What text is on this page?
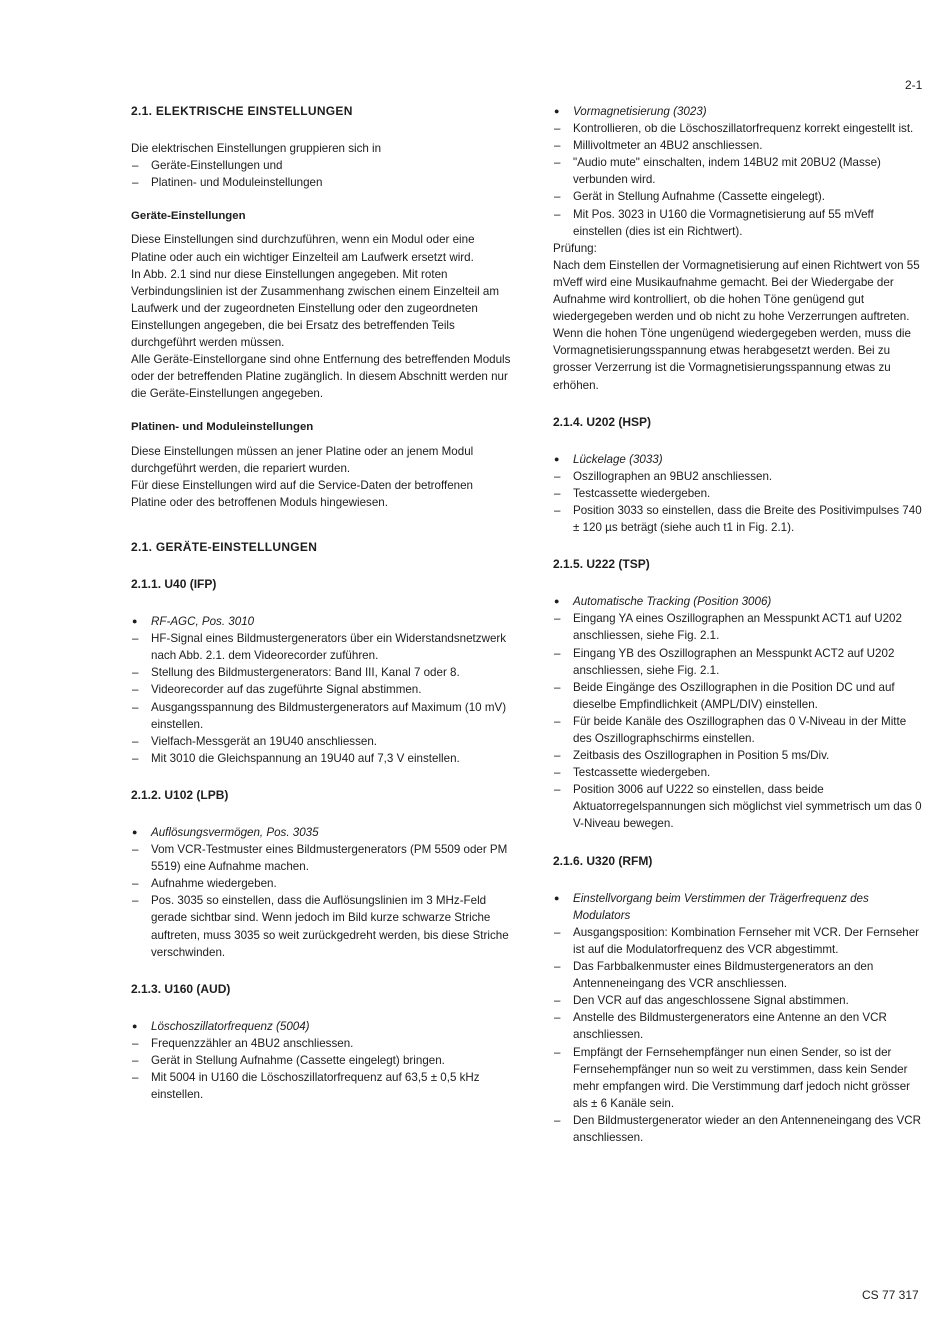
2-1

2.1. ELEKTRISCHE EINSTELLUNGEN

Die elektrischen Einstellungen gruppieren sich in

– Geräte-Einstellungen und

– Platinen- und Moduleinstellungen

Geräte-Einstellungen

Diese Einstellungen sind durchzuführen, wenn ein Modul oder eine Platine oder auch ein wichtiger Einzelteil am Laufwerk ersetzt wird.

In Abb. 2.1 sind nur diese Einstellungen angegeben. Mit roten Verbindungslinien ist der Zusammenhang zwischen einem Einzelteil am Laufwerk und der zugeordneten Einstellung oder den zugeordneten Einstellungen angegeben, die bei Ersatz des betreffenden Teils durchgeführt werden müssen.

Alle Geräte-Einstellorgane sind ohne Entfernung des betreffenden Moduls oder der betreffenden Platine zugänglich. In diesem Abschnitt werden nur die Geräte-Einstellungen angegeben.

Platinen- und Moduleinstellungen

Diese Einstellungen müssen an jener Platine oder an jenem Modul durchgeführt werden, die repariert wurden.

Für diese Einstellungen wird auf die Service-Daten der betroffenen Platine oder des betroffenen Moduls hingewiesen.

2.1. GERÄTE-EINSTELLUNGEN

2.1.1. U40 (IFP)

● RF-AGC, Pos. 3010

– HF-Signal eines Bildmustergenerators über ein Widerstandsnetzwerk nach Abb. 2.1. dem Videorecorder zuführen.

– Stellung des Bildmustergenerators: Band III, Kanal 7 oder 8.

– Videorecorder auf das zugeführte Signal abstimmen.

– Ausgangsspannung des Bildmustergenerators auf Maximum (10 mV) einstellen.

– Vielfach-Messgerät an 19U40 anschliessen.

– Mit 3010 die Gleichspannung an 19U40 auf 7,3 V einstellen.

2.1.2. U102 (LPB)

● Auflösungsvermögen, Pos. 3035

– Vom VCR-Testmuster eines Bildmustergenerators (PM 5509 oder PM 5519) eine Aufnahme machen.

– Aufnahme wiedergeben.

– Pos. 3035 so einstellen, dass die Auflösungslinien im 3 MHz-Feld gerade sichtbar sind. Wenn jedoch im Bild kurze schwarze Striche auftreten, muss 3035 so weit zurückgedreht werden, bis diese Striche verschwinden.

2.1.3. U160 (AUD)

● Löschoszillatorfrequenz (5004)

– Frequenzzähler an 4BU2 anschliessen.

– Gerät in Stellung Aufnahme (Cassette eingelegt) bringen.

– Mit 5004 in U160 die Löschoszillatorfrequenz auf 63,5 ± 0,5 kHz einstellen.

● Vormagnetisierung (3023)

– Kontrollieren, ob die Löschoszillatorfrequenz korrekt eingestellt ist.

– Millivoltmeter an 4BU2 anschliessen.

– "Audio mute" einschalten, indem 14BU2 mit 20BU2 (Masse) verbunden wird.

– Gerät in Stellung Aufnahme (Cassette eingelegt).

– Mit Pos. 3023 in U160 die Vormagnetisierung auf 55 mVeff einstellen (dies ist ein Richtwert).

Prüfung:

Nach dem Einstellen der Vormagnetisierung auf einen Richtwert von 55 mVeff wird eine Musikaufnahme gemacht. Bei der Wiedergabe der Aufnahme wird kontrolliert, ob die hohen Töne genügend gut wiedergegeben werden und ob nicht zu hohe Verzerrungen auftreten. Wenn die hohen Töne ungenügend wiedergegeben werden, muss die Vormagnetisierungsspannung etwas herabgesetzt werden. Bei zu grosser Verzerrung ist die Vormagnetisierungsspannung etwas zu erhöhen.

2.1.4. U202 (HSP)

● Lückelage (3033)

– Oszillographen an 9BU2 anschliessen.

– Testcassette wiedergeben.

– Position 3033 so einstellen, dass die Breite des Positivimpulses 740 ± 120 µs beträgt (siehe auch t1 in Fig. 2.1).

2.1.5. U222 (TSP)

● Automatische Tracking (Position 3006)

– Eingang YA eines Oszillographen an Messpunkt ACT1 auf U202 anschliessen, siehe Fig. 2.1.

– Eingang YB des Oszillographen an Messpunkt ACT2 auf U202 anschliessen, siehe Fig. 2.1.

– Beide Eingänge des Oszillographen in die Position DC und auf dieselbe Empfindlichkeit (AMPL/DIV) einstellen.

– Für beide Kanäle des Oszillographen das 0 V-Niveau in der Mitte des Oszillographschirms einstellen.

– Zeitbasis des Oszillographen in Position 5 ms/Div.

– Testcassette wiedergeben.

– Position 3006 auf U222 so einstellen, dass beide Aktuatorregelspannungen sich möglichst viel symmetrisch um das 0 V-Niveau bewegen.

2.1.6. U320 (RFM)

● Einstellvorgang beim Verstimmen der Trägerfrequenz des Modulators

– Ausgangsposition: Kombination Fernseher mit VCR. Der Fernseher ist auf die Modulatorfrequenz des VCR abgestimmt.

– Das Farbbalkenmuster eines Bildmustergenerators an den Antenneneingang des VCR anschliessen.

– Den VCR auf das angeschlossene Signal abstimmen.

– Anstelle des Bildmustergenerators eine Antenne an den VCR anschliessen.

– Empfängt der Fernsehempfänger nun einen Sender, so ist der Fernsehempfänger nun so weit zu verstimmen, dass kein Sender mehr empfangen wird. Die Verstimmung darf jedoch nicht grösser als ± 6 Kanäle sein.

– Den Bildmustergenerator wieder an den Antenneneingang des VCR anschliessen.

CS 77 317
